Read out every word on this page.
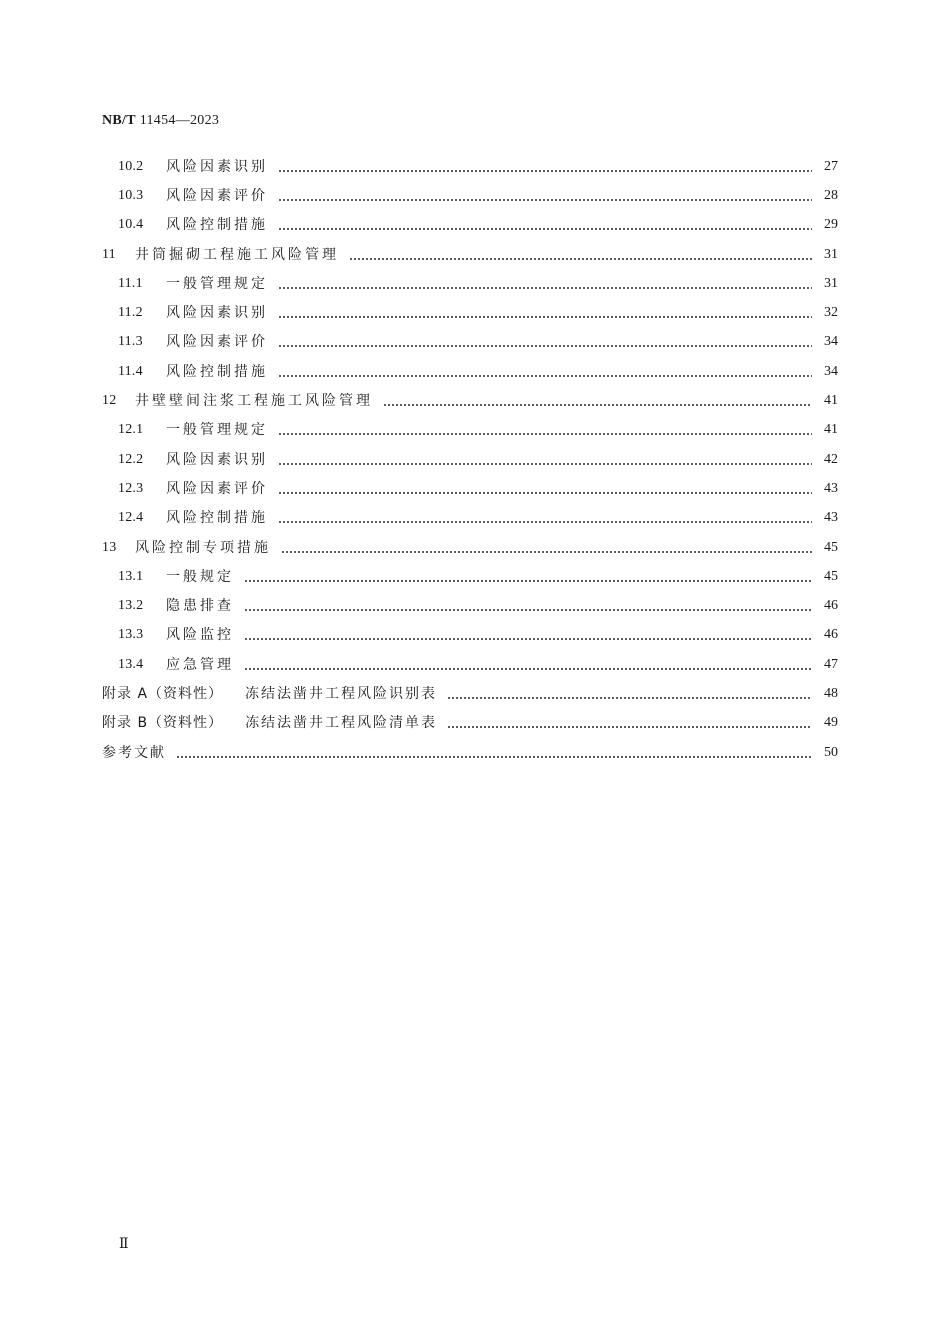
NB/T 11454—2023
10.2	风险因素识别	27
10.3	风险因素评价	28
10.4	风险控制措施	29
11	井筒掘砌工程施工风险管理	31
11.1	一般管理规定	31
11.2	风险因素识别	32
11.3	风险因素评价	34
11.4	风险控制措施	34
12	井壁壁间注浆工程施工风险管理	41
12.1	一般管理规定	41
12.2	风险因素识别	42
12.3	风险因素评价	43
12.4	风险控制措施	43
13	风险控制专项措施	45
13.1	一般规定	45
13.2	隐患排查	46
13.3	风险监控	46
13.4	应急管理	47
附录 A（资料性） 冻结法凿井工程风险识别表	48
附录 B（资料性） 冻结法凿井工程风险清单表	49
参考文献	50
Ⅱ
